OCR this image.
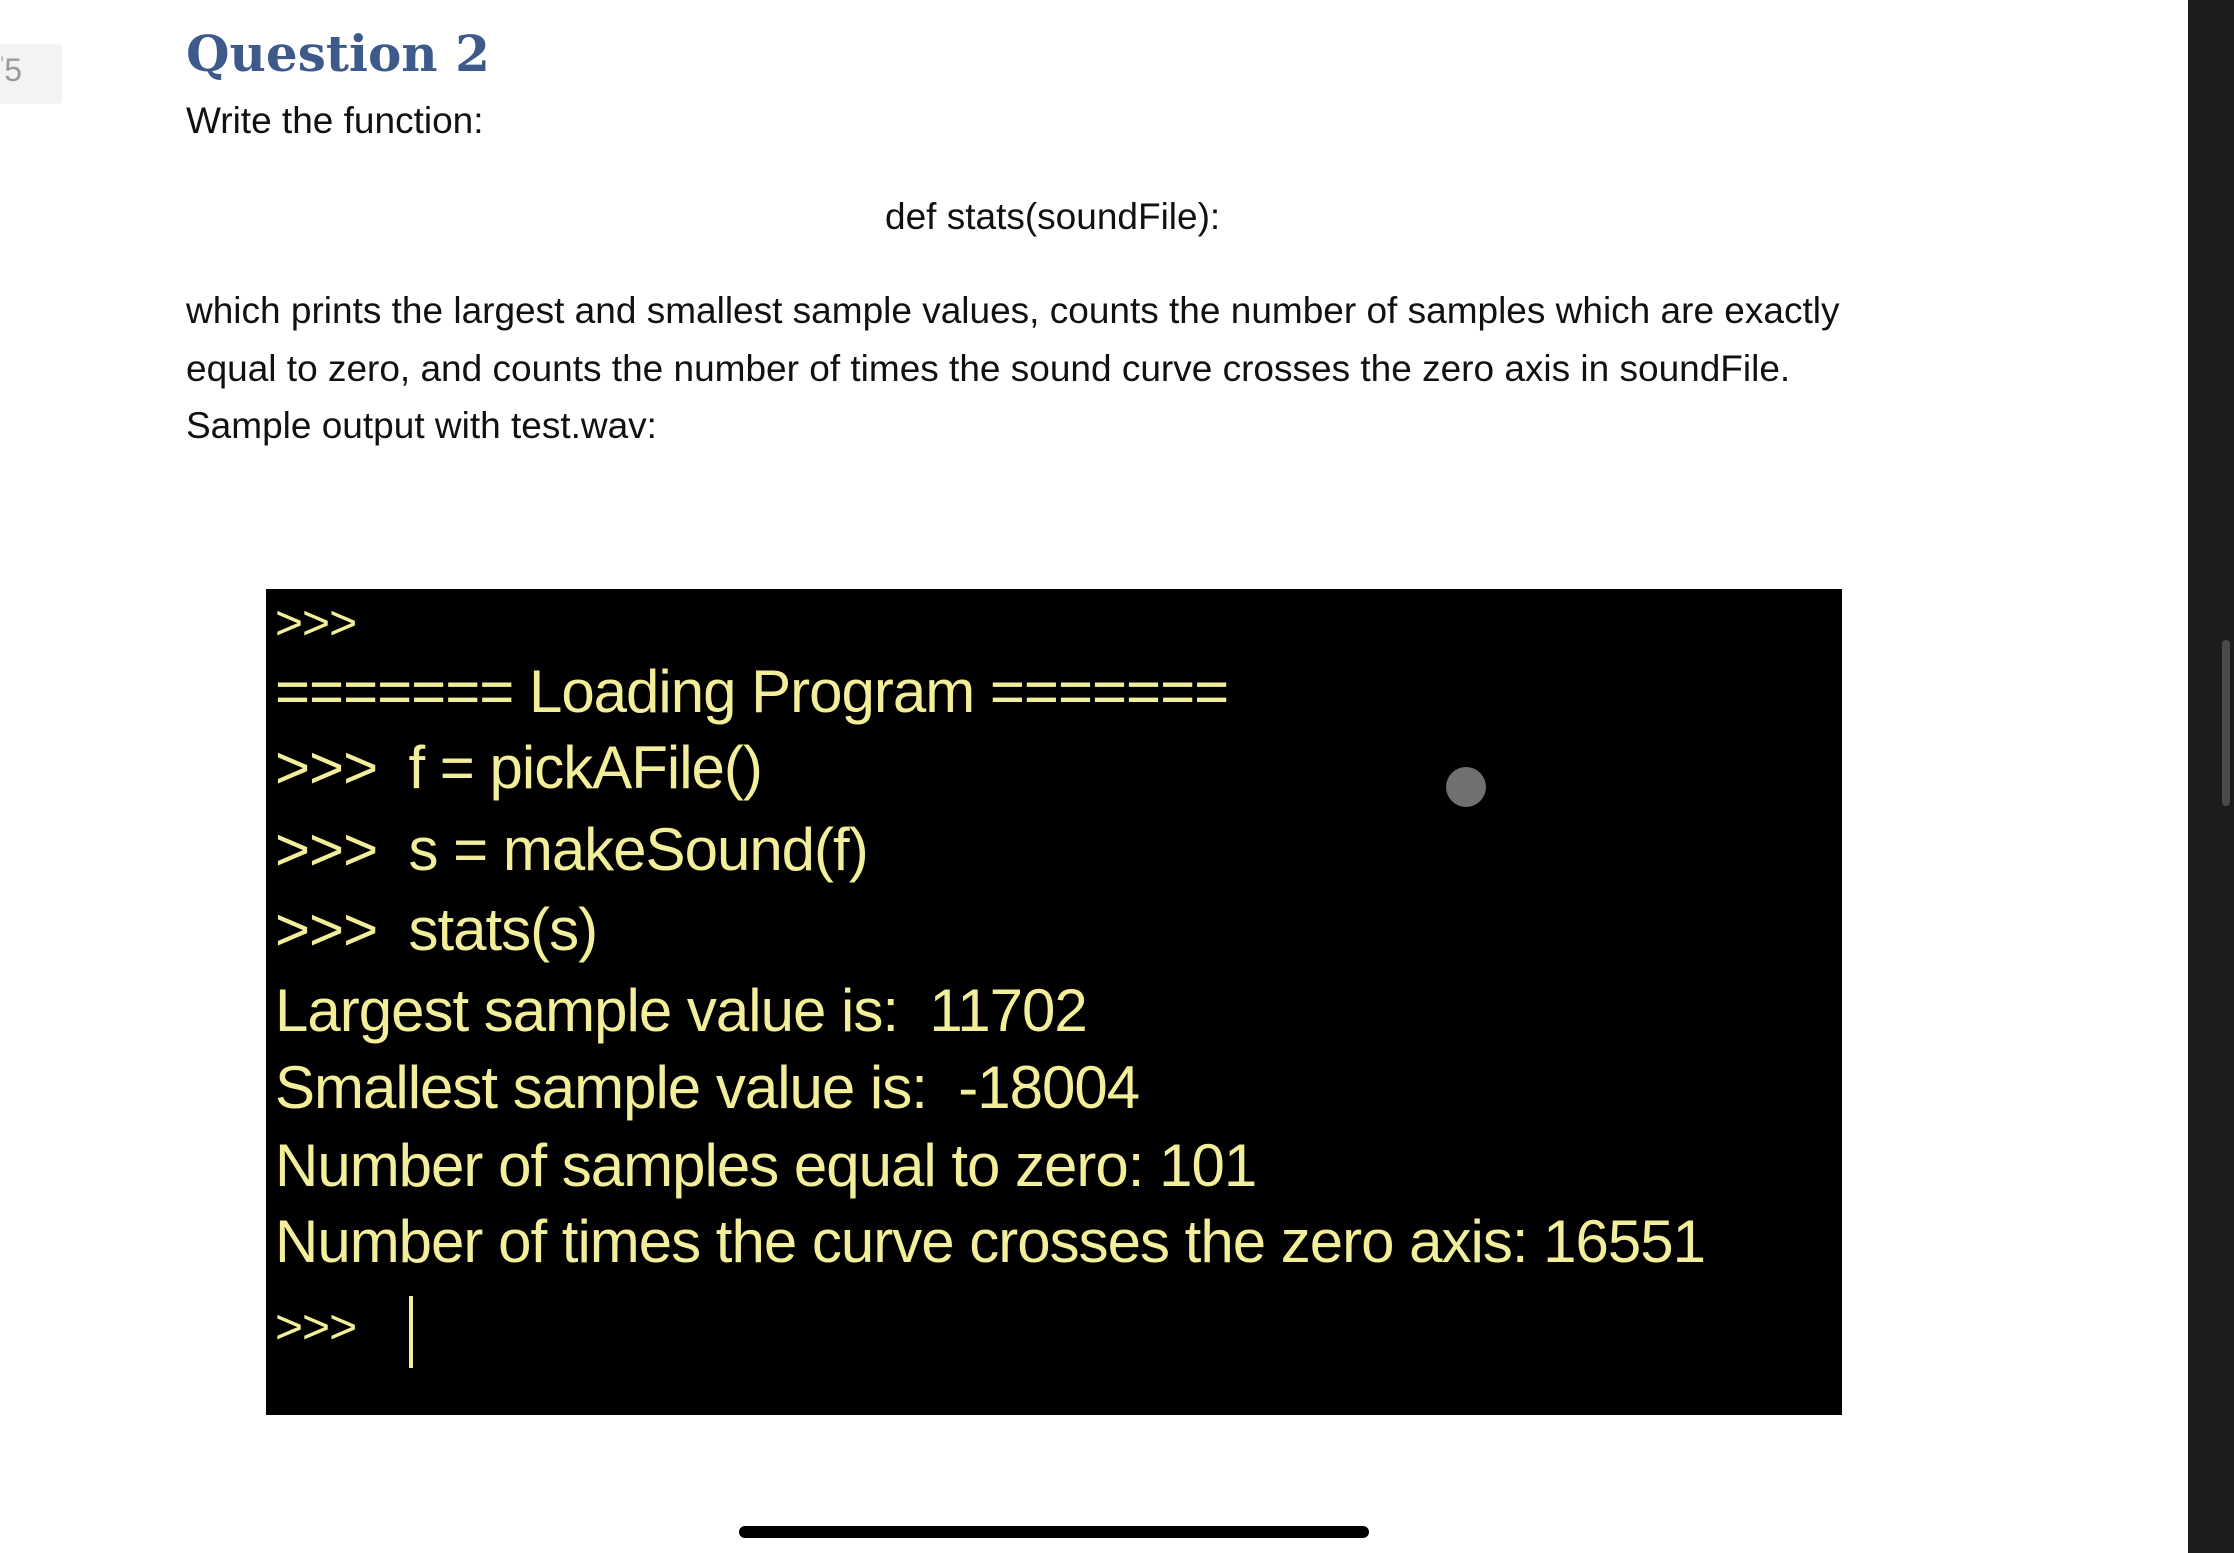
'5	Question 2
Write the function:
def stats(soundFile):
which prints the largest and smallest sample values, counts the number of samples which are exactly
equal to zero, and counts the number of times the sound curve crosses the zero axis in soundFile.
Sample output with test.wav:
>>>
======= Loading Program =======
>>>  f = pickAFile()
>>>  s = makeSound(f)
>>>  stats(s)
Largest sample value is:  11702
Smallest sample value is:  -18004
Number of samples equal to zero: 101
Number of times the curve crosses the zero axis: 16551
>>>
